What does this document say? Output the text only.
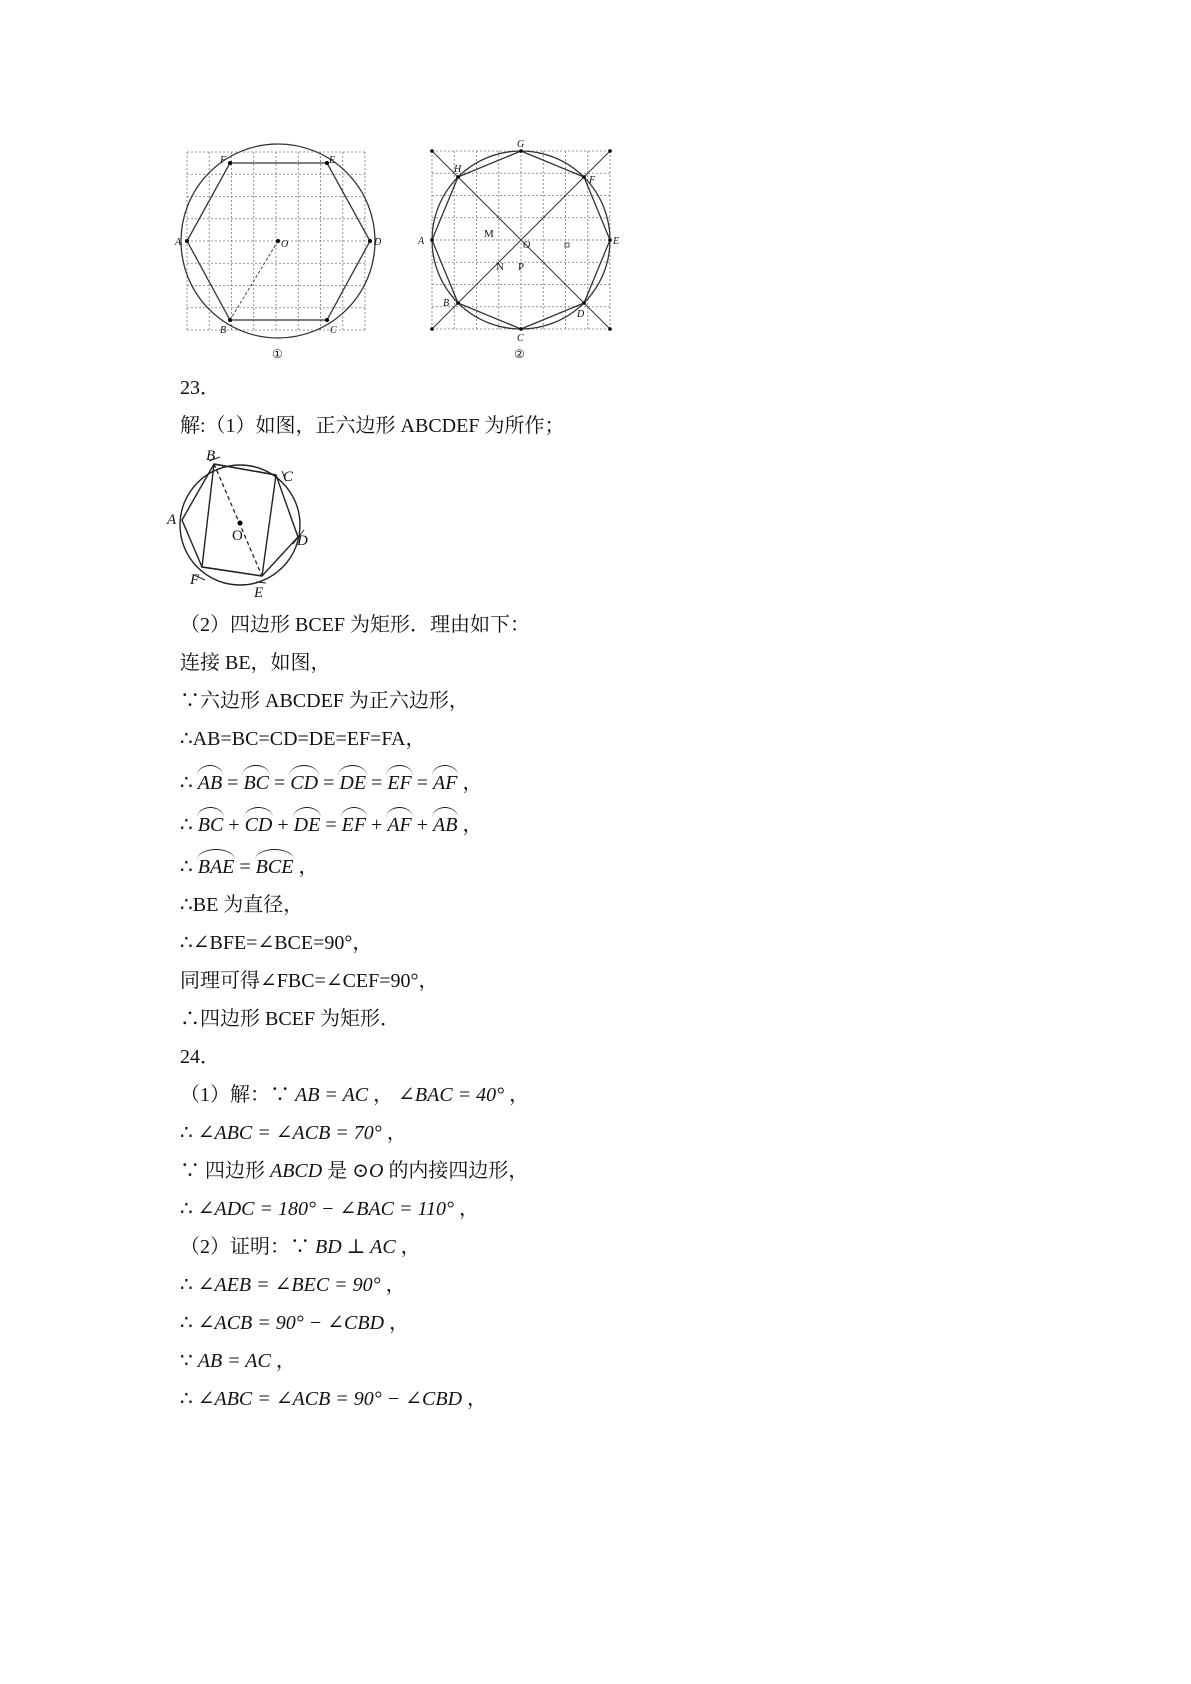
A	D
B	C
E
F
O
①
G
H
F
A	E
O
B
D
C
M
N P
②
23．
解:（1）如图，正六边形 ABCDEF 为所作；
B
C
A
D
F
E
O
（2）四边形 BCEF 为矩形．理由如下：
连接 BE，如图，
∵六边形 ABCDEF 为正六边形，
∴AB=BC=CD=DE=EF=FA，
∴ AB = BC = CD = DE = EF = AF ，
∴ BC + CD + DE = EF + AF + AB ，
∴ BAE = BCE ，
∴BE 为直径，
∴∠BFE=∠BCE=90°，
同理可得∠FBC=∠CEF=90°，
∴四边形 BCEF 为矩形．
24．
（1）解：∵ AB = AC ， ∠BAC = 40° ，
∴ ∠ABC = ∠ACB = 70° ，
∵ 四边形 ABCD 是 ⊙O 的内接四边形，
∴ ∠ADC = 180° − ∠BAC = 110° ，
（2）证明：∵ BD ⊥ AC ，
∴ ∠AEB = ∠BEC = 90° ，
∴ ∠ACB = 90° − ∠CBD ，
∵ AB = AC ，
∴ ∠ABC = ∠ACB = 90° − ∠CBD ，
